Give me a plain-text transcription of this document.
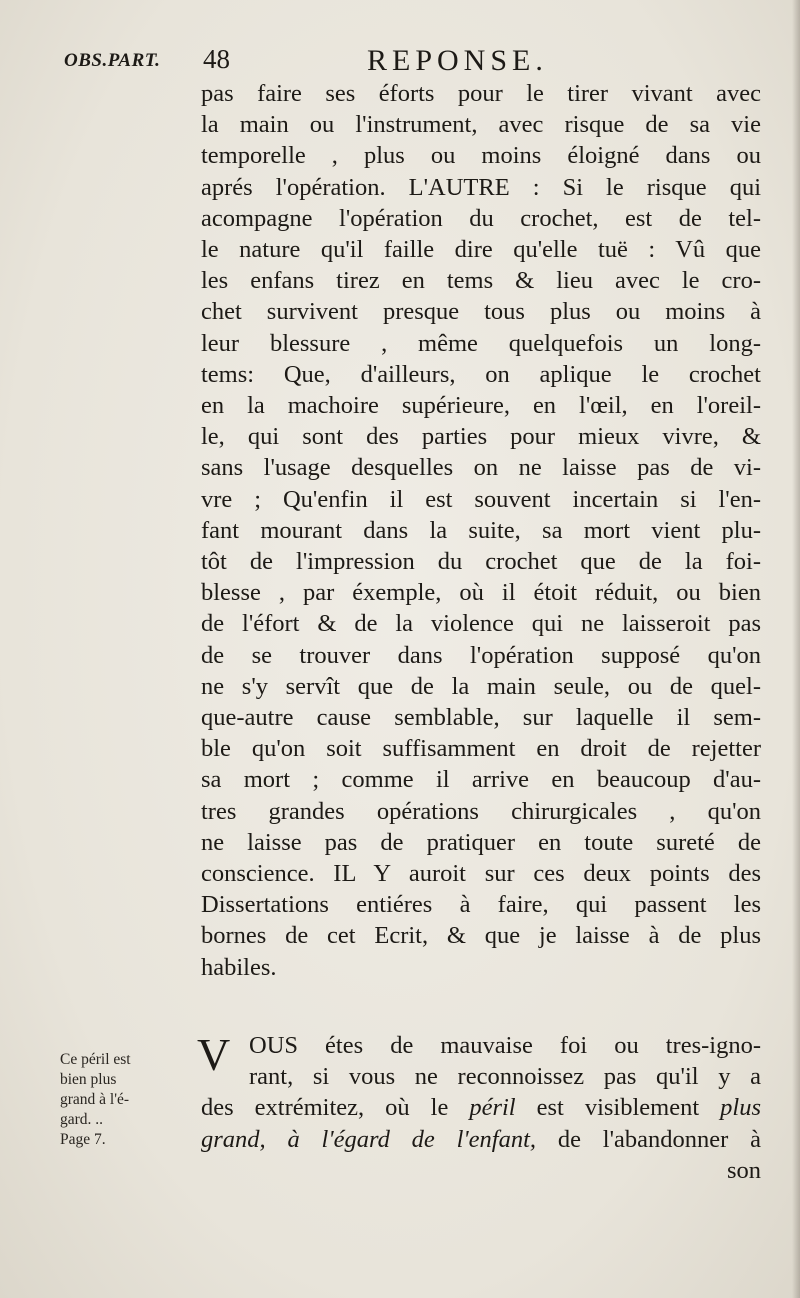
OBS.PART. 48	REPONSE.
pas faire ses éforts pour le tirer vivant avec
la main ou l'instrument, avec risque de sa vie
temporelle , plus ou moins éloigné dans ou
aprés l'opération. L'AUTRE : Si le risque qui
acompagne l'opération du crochet, est de tel-
le nature qu'il faille dire qu'elle tuë : Vû que
les enfans tirez en tems & lieu avec le cro-
chet survivent presque tous plus ou moins à
leur blessure , même quelquefois un long-
tems: Que, d'ailleurs, on aplique le crochet
en la machoire supérieure, en l'œil, en l'oreil-
le, qui sont des parties pour mieux vivre, &
sans l'usage desquelles on ne laisse pas de vi-
vre ; Qu'enfin il est souvent incertain si l'en-
fant mourant dans la suite, sa mort vient plu-
tôt de l'impression du crochet que de la foi-
blesse , par éxemple, où il étoit réduit, ou bien
de l'éfort & de la violence qui ne laisseroit pas
de se trouver dans l'opération supposé qu'on
ne s'y servît que de la main seule, ou de quel-
que-autre cause semblable, sur laquelle il sem-
ble qu'on soit suffisamment en droit de rejetter
sa mort ; comme il arrive en beaucoup d'au-
tres grandes opérations chirurgicales , qu'on
ne laisse pas de pratiquer en toute sureté de
conscience. IL Y auroit sur ces deux points des
Dissertations entiéres à faire, qui passent les
bornes de cet Ecrit, & que je laisse à de plus
habiles.
V OUS étes de mauvaise foi ou tres-igno-
rant, si vous ne reconnoissez pas qu'il y a
des extrémitez, où le péril est visiblement plus
grand, à l'égard de l'enfant, de l'abandonner à
son
Ce péril est
bien plus
grand à l'é-
gard. ..
Page 7.
